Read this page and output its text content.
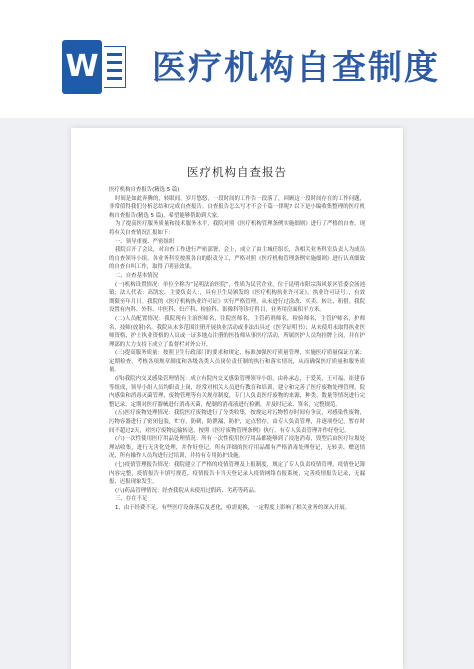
W 医疗机构自查制度
医疗机构自查报告

医疗机构自查报告(精选 5 篇)

时间是如此奔腾的，转眼间，岁月悠悠，一段时间的工作告一段落了，回顾这一段时间存在的工作问题，非常值得我们分析总结和完成自查报告。自查报告怎么写才不会千篇一律呢? 以下是小编收集整理的医疗机构自查报告(精选 5 篇)，希望能够帮助到大家。

为了提高医疗服务质量和技术服务水平，我院对照《医疗机构管理条例实施细则》进行了严格的自查，现将有关自查情况汇报如下：

一、领导重视、严密组织

我院召开了会议，对自查工作进行严密部署，会上，成立了由主城任组长，各相关业务科室负责人为成员的自查领导小组，各业务科室按照各自的职责分工，严格对照《医疗机构管理条例实施细则》进行认真细致的自查自纠工作，取得了明显效果。

二、自查基本情况

(一)机构设置情况：单位全称为“昆明法治医院”，性质为民营企业，位于昆明市阳宗海风景区管委会汤池镇；法人代表：高凯宏，主要负责人：，具有卫生局颁发的《医疗机构执业许可证》，执业许可证号：，有效期限至年月日。我院的《医疗机构执业许可证》实行严格管理，从未进行过涂改、买卖、转让、租借。我院设置有内科、外科、中医科、妇产科、检验科、影像科等诊疗科目，业务用房面积平方米。

(二)人员配置情况：我院现有主治医师名，住院医师名，主管药剂师名，检验师名，主管护师名，护师名，技师(放射)名。我院从未多范围注册开展执业活动或非法出具过《医学证明书》；从未使用未取得执业医师资格、护士执业资格的人员或一证多地点注册的医技师从事医疗活动，所属医护人员均挂牌上岗，并在护理部的大力支持下成立了监督栏对外公开。

(三)提高服务质量：按照卫生行政部门的要求和规定，标准加强医疗质量管理，实施医疗质量保证方案；定期检查，考核各项规章制度和各级各类人员岗位责任制的执行和落实情况，从而确保医疗质量和服务质量。

(四)我院内交叉感染管理情况：成立有院内交叉感染管理领导小组，由孙承志，于爱英，王可福，崔建春等组成，领导小组人员均职责上岗，经常对相关人员进行教育和培训，建立和完善了医疗废物处理管理，院内感染和消毒灭菌管理，废物管理等有关规章制度，专门人负责医疗废物的来源、种类、数量等情况进行完整记录，定期对医疗器械进行消毒灭菌，配制的消毒液进行检测，并及时记录、签名，完整规范。

(五)医疗废物处理情况：我院医疗废物进行了分类收集，按规定对污物暂存时间有争议，对感染性废物，污物容器进行了密闭包装，贮存，防刺，防泄漏，防护，定点暂存，由专人负责管理，并逐项登记，暂存时间不超过2天，对医疗废物运输转送，按照《医疗废物管理条例》执行，有专人负责管理并作好登记。

(六)一次性使用医疗用品处理情况：所有一次性使用医疗用品都能够到了浸泡消毒，毁型后由医疗垃圾处理站收集，进行无害化处理，并作好登记。所有详细的医疗用品都有严格消毒处理登记，无转卖、赠送情况，所有操作人员均进行过培训，并持有专用防护设施。

(七)疫情管理报告情况：我院建立了严格的疫情管理及上报制度，规定了专人负责疫情管理，疫情登记簿内容完整，疫情报告卡填写规范，疫情报告卡当天登记录入疫情网络直报系统，完善疫情报告记录，无漏报、迟报现象发生。

(八)药品管理情况：经查我院从未使用过假药、劣药等药品。

三、存在不足

1、由于经费不足，有些医疗设备落后及老化，亟需更换，一定程度上影响了相关业务的深入开展。
